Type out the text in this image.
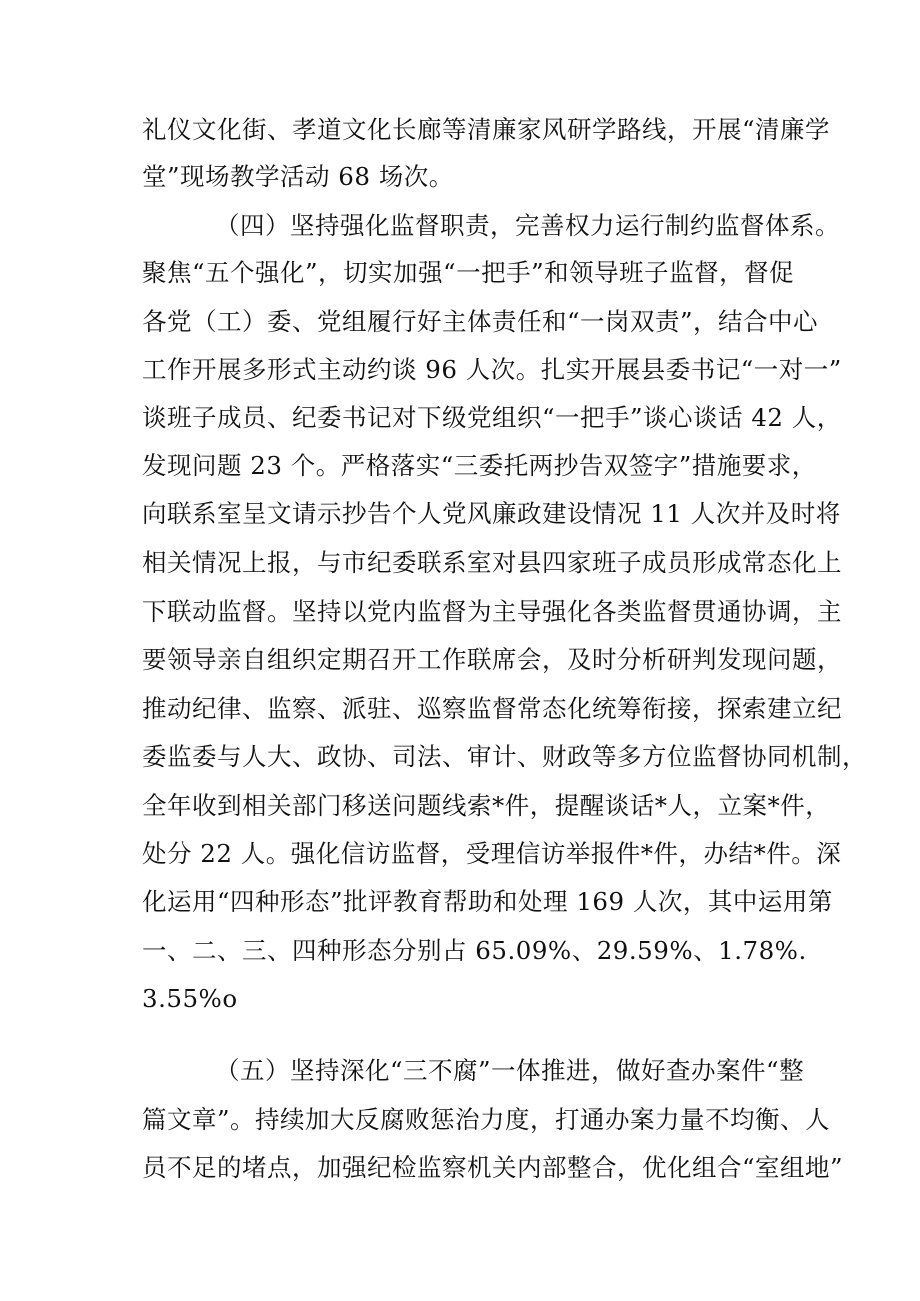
礼仪文化街、孝道文化长廊等清廉家风研学路线，开展“清廉学
堂”现场教学活动 68 场次。
（四）坚持强化监督职责，完善权力运行制约监督体系。
聚焦“五个强化”，切实加强“一把手”和领导班子监督，督促
各党（工）委、党组履行好主体责任和“一岗双责”，结合中心
工作开展多形式主动约谈 96 人次。扎实开展县委书记“一对一”
谈班子成员、纪委书记对下级党组织“一把手”谈心谈话 42 人，
发现问题 23 个。严格落实“三委托两抄告双签字”措施要求，
向联系室呈文请示抄告个人党风廉政建设情况 11 人次并及时将
相关情况上报，与市纪委联系室对县四家班子成员形成常态化上
下联动监督。坚持以党内监督为主导强化各类监督贯通协调，主
要领导亲自组织定期召开工作联席会，及时分析研判发现问题，
推动纪律、监察、派驻、巡察监督常态化统筹衔接，探索建立纪
委监委与人大、政协、司法、审计、财政等多方位监督协同机制，
全年收到相关部门移送问题线索*件，提醒谈话*人，立案*件，
处分 22 人。强化信访监督，受理信访举报件*件，办结*件。深
化运用“四种形态”批评教育帮助和处理 169 人次，其中运用第
一、二、三、四种形态分别占 65.09%、29.59%、1.78%.
3.55%o
（五）坚持深化“三不腐”一体推进，做好查办案件“整
篇文章”。持续加大反腐败惩治力度，打通办案力量不均衡、人
员不足的堵点，加强纪检监察机关内部整合，优化组合“室组地”
